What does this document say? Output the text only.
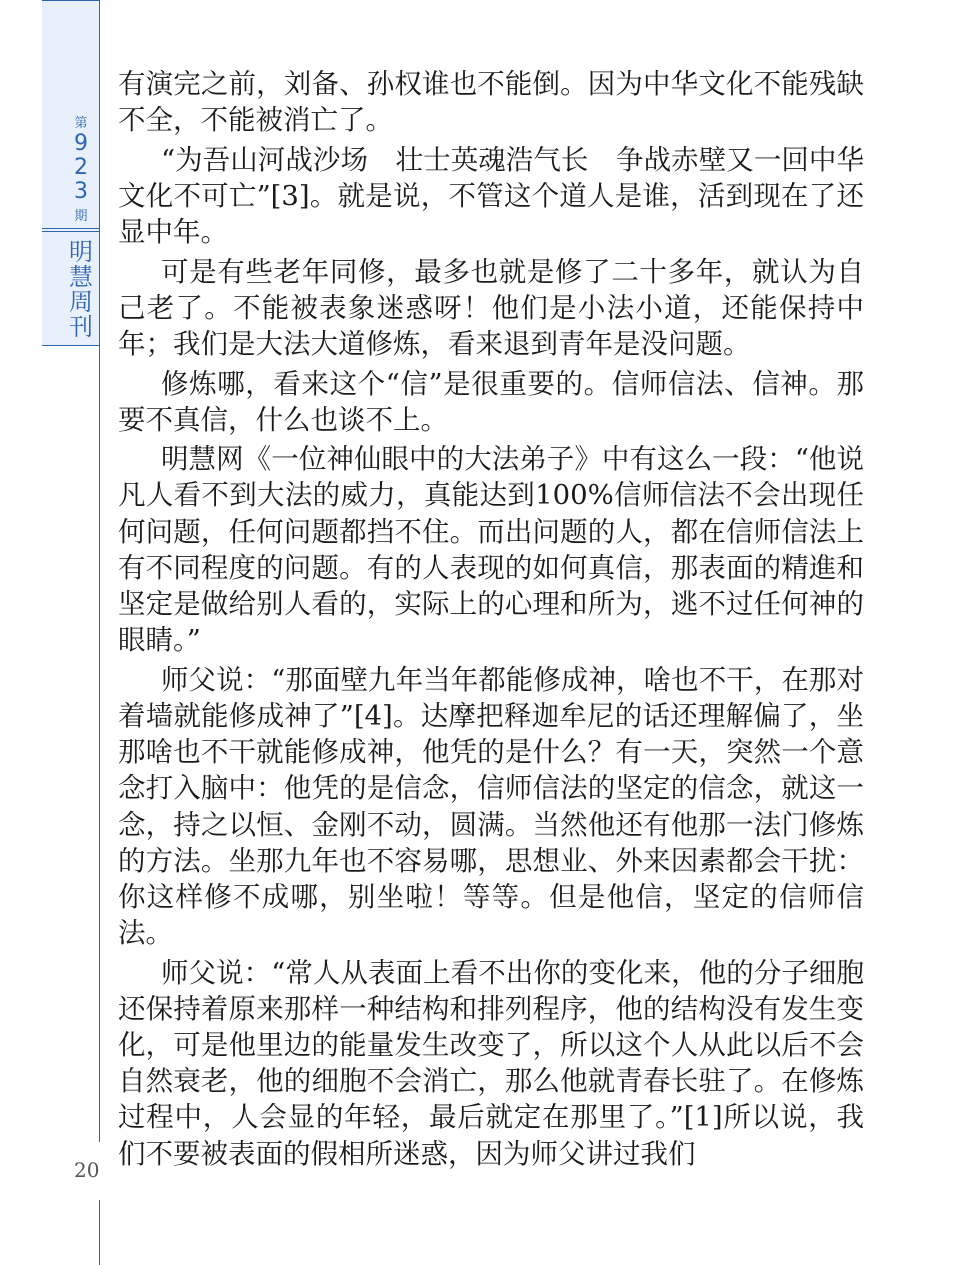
第
9
2
3
期
明
慧
周
刊
20

有演完之前，刘备、孙权谁也不能倒。因为中华文化不能残缺不全，不能被消亡了。

“为吾山河战沙场　壮士英魂浩气长　争战赤壁又一回中华文化不可亡”[3]。就是说，不管这个道人是谁，活到现在了还显中年。

可是有些老年同修，最多也就是修了二十多年，就认为自己老了。不能被表象迷惑呀！他们是小法小道，还能保持中年；我们是大法大道修炼，看来退到青年是没问题。

修炼哪，看来这个“信”是很重要的。信师信法、信神。那要不真信，什么也谈不上。

明慧网《一位神仙眼中的大法弟子》中有这么一段：“他说凡人看不到大法的威力，真能达到100%信师信法不会出现任何问题，任何问题都挡不住。而出问题的人，都在信师信法上有不同程度的问题。有的人表现的如何真信，那表面的精進和坚定是做给别人看的，实际上的心理和所为，逃不过任何神的眼睛。”

师父说：“那面壁九年当年都能修成神，啥也不干，在那对着墙就能修成神了”[4]。达摩把释迦牟尼的话还理解偏了，坐那啥也不干就能修成神，他凭的是什么？有一天，突然一个意念打入脑中：他凭的是信念，信师信法的坚定的信念，就这一念，持之以恒、金刚不动，圆满。当然他还有他那一法门修炼的方法。坐那九年也不容易哪，思想业、外来因素都会干扰：你这样修不成哪，别坐啦！等等。但是他信，坚定的信师信法。

师父说：“常人从表面上看不出你的变化来，他的分子细胞还保持着原来那样一种结构和排列程序，他的结构没有发生变化，可是他里边的能量发生改变了，所以这个人从此以后不会自然衰老，他的细胞不会消亡，那么他就青春长驻了。在修炼过程中，人会显的年轻，最后就定在那里了。”[1]所以说，我们不要被表面的假相所迷惑，因为师父讲过我们
